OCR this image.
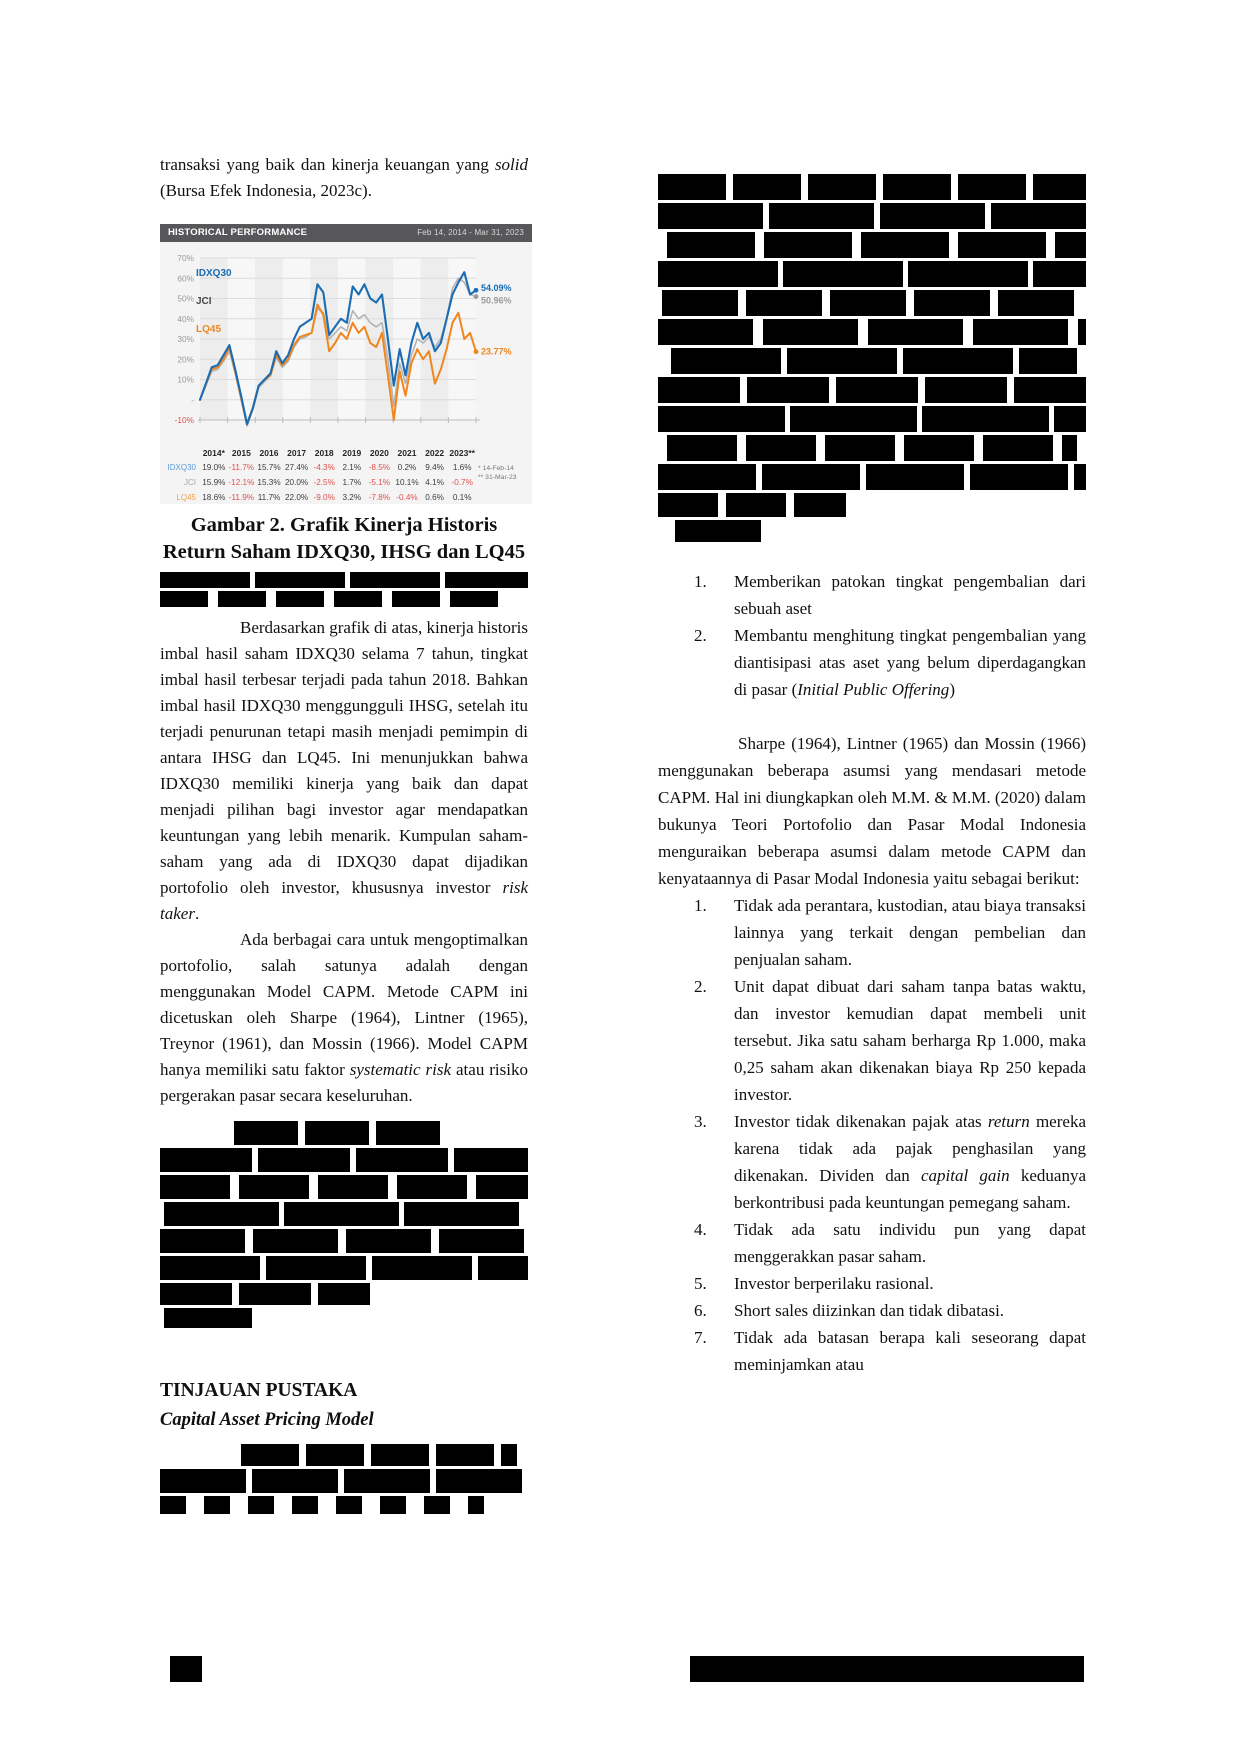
transaksi yang baik dan kinerja keuangan yang solid (Bursa Efek Indonesia, 2023c).

HISTORICAL PERFORMANCE	Feb 14, 2014 - Mar 31, 2023
70%
60%
50%
40%
30%
20%
10%
-
-10%
IDXQ30
JCI
LQ45
54.09%
50.96%
23.77%
2014* 2015 2016 2017 2018 2019 2020 2021 2022 2023**
IDXQ30 19.0% -11.7% 15.7% 27.4% -4.3% 2.1% -8.5% 0.2% 9.4% 1.6%
JCI 15.9% -12.1% 15.3% 20.0% -2.5% 1.7% -5.1% 10.1% 4.1% -0.7%
LQ45 18.6% -11.9% 11.7% 22.0% -9.0% 3.2% -7.8% -0.4% 0.6% 0.1%
* 14-Feb-14
** 31-Mar-23
Gambar 2. Grafik Kinerja Historis
Return Saham IDXQ30, IHSG dan LQ45

Berdasarkan grafik di atas, kinerja historis imbal hasil saham IDXQ30 selama 7 tahun, tingkat imbal hasil terbesar terjadi pada tahun 2018. Bahkan imbal hasil IDXQ30 menggungguli IHSG, setelah itu terjadi penurunan tetapi masih menjadi pemimpin di antara IHSG dan LQ45. Ini menunjukkan bahwa IDXQ30 memiliki kinerja yang baik dan dapat menjadi pilihan bagi investor agar mendapatkan keuntungan yang lebih menarik. Kumpulan saham-saham yang ada di IDXQ30 dapat dijadikan portofolio oleh investor, khususnya investor risk taker.

Ada berbagai cara untuk mengoptimalkan portofolio, salah satunya adalah dengan menggunakan Model CAPM. Metode CAPM ini dicetuskan oleh Sharpe (1964), Lintner (1965), Treynor (1961), dan Mossin (1966). Model CAPM hanya memiliki satu faktor systematic risk atau risiko pergerakan pasar secara keseluruhan.

TINJAUAN PUSTAKA
Capital Asset Pricing Model
1.	Memberikan patokan tingkat pengembalian dari sebuah aset
2.	Membantu menghitung tingkat pengembalian yang diantisipasi atas aset yang belum diperdagangkan di pasar (Initial Public Offering)

Sharpe (1964), Lintner (1965) dan Mossin (1966) menggunakan beberapa asumsi yang mendasari metode CAPM. Hal ini diungkapkan oleh M.M. & M.M. (2020) dalam bukunya Teori Portofolio dan Pasar Modal Indonesia menguraikan beberapa asumsi dalam metode CAPM dan kenyataannya di Pasar Modal Indonesia yaitu sebagai berikut:

1.	Tidak ada perantara, kustodian, atau biaya transaksi lainnya yang terkait dengan pembelian dan penjualan saham.
2.	Unit dapat dibuat dari saham tanpa batas waktu, dan investor kemudian dapat membeli unit tersebut. Jika satu saham berharga Rp 1.000, maka 0,25 saham akan dikenakan biaya Rp 250 kepada investor.
3.	Investor tidak dikenakan pajak atas return mereka karena tidak ada pajak penghasilan yang dikenakan. Dividen dan capital gain keduanya berkontribusi pada keuntungan pemegang saham.
4.	Tidak ada satu individu pun yang dapat menggerakkan pasar saham.
5.	Investor berperilaku rasional.
6.	Short sales diizinkan dan tidak dibatasi.
7.	Tidak ada batasan berapa kali seseorang dapat meminjamkan atau
